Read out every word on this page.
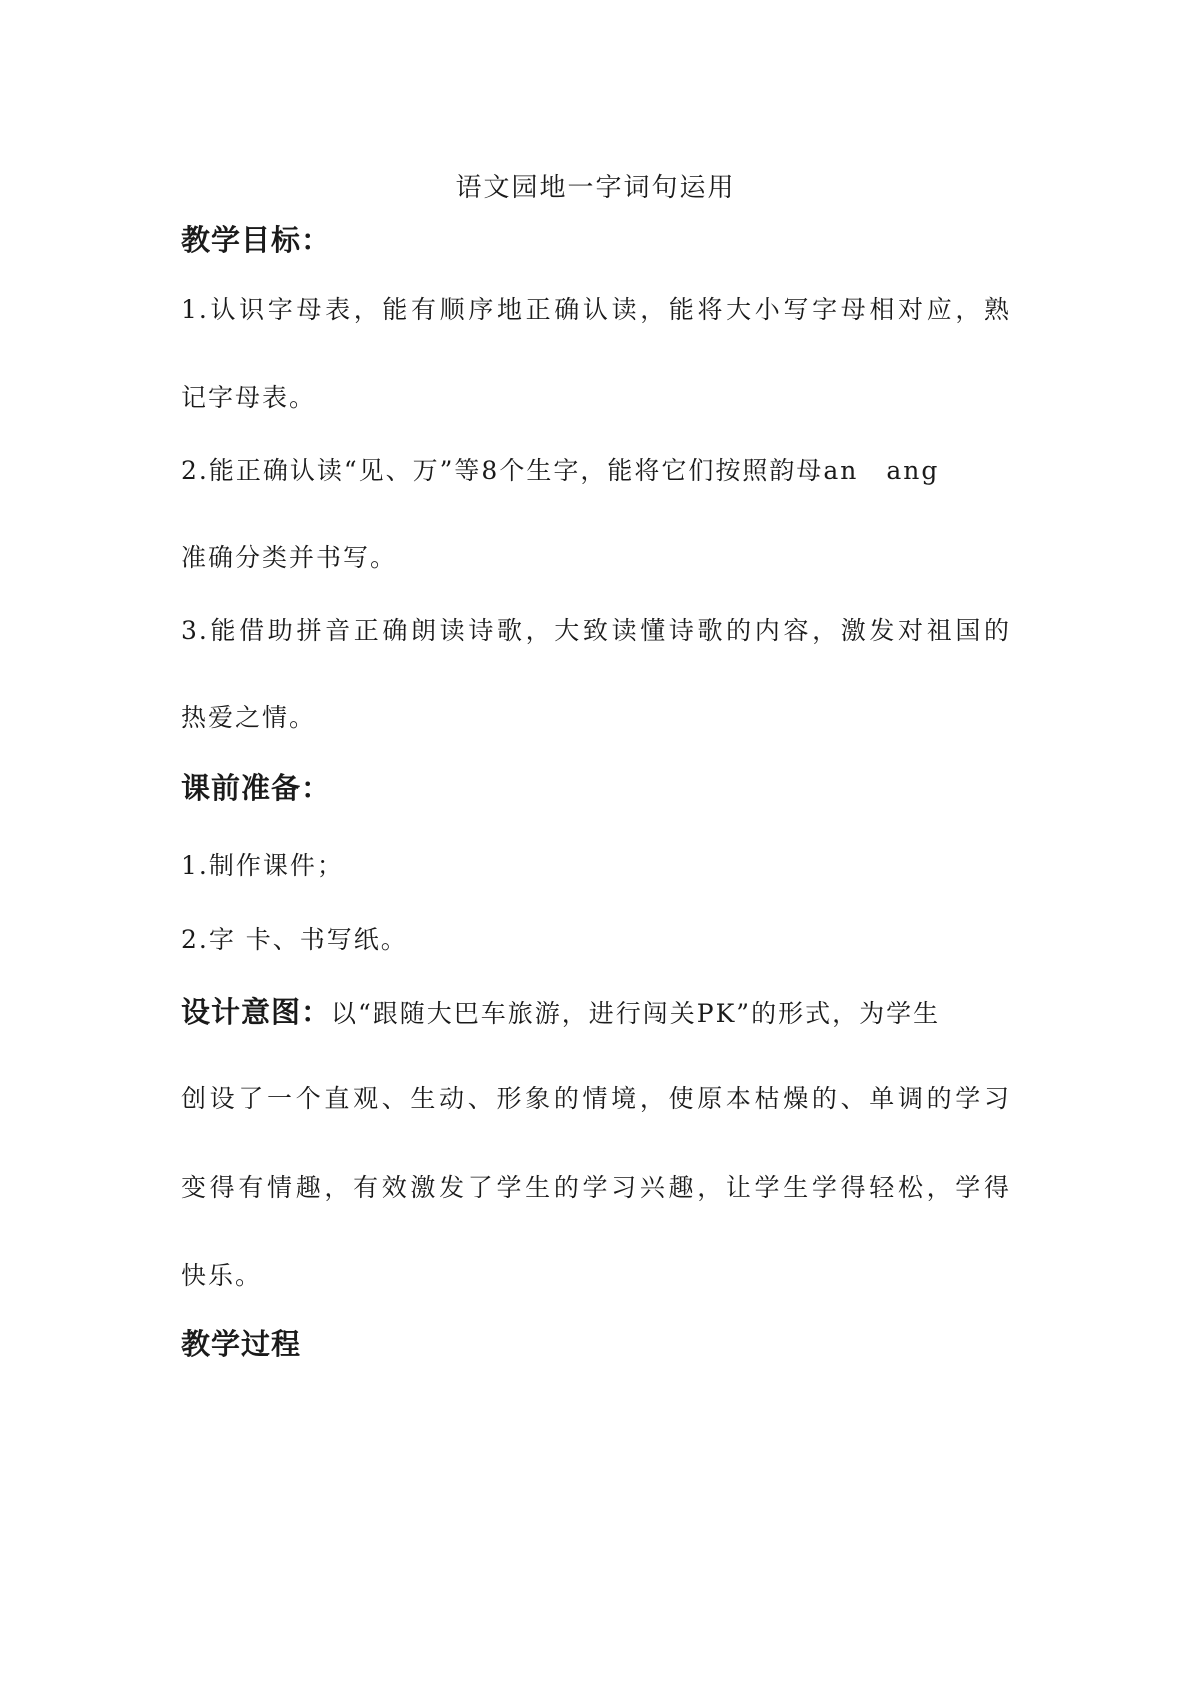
语文园地一字词句运用

教学目标：

1.认识字母表，能有顺序地正确认读，能将大小写字母相对应，熟

记字母表。

2.能正确认读“见、万”等8个生字，能将它们按照韵母an ang

准确分类并书写。

3.能借助拼音正确朗读诗歌，大致读懂诗歌的内容，激发对祖国的

热爱之情。

课前准备：

1.制作课件；

2.字 卡、书写纸。

设计意图：以“跟随大巴车旅游，进行闯关PK”的形式，为学生

创设了一个直观、生动、形象的情境，使原本枯燥的、单调的学习

变得有情趣，有效激发了学生的学习兴趣，让学生学得轻松，学得

快乐。

教学过程
